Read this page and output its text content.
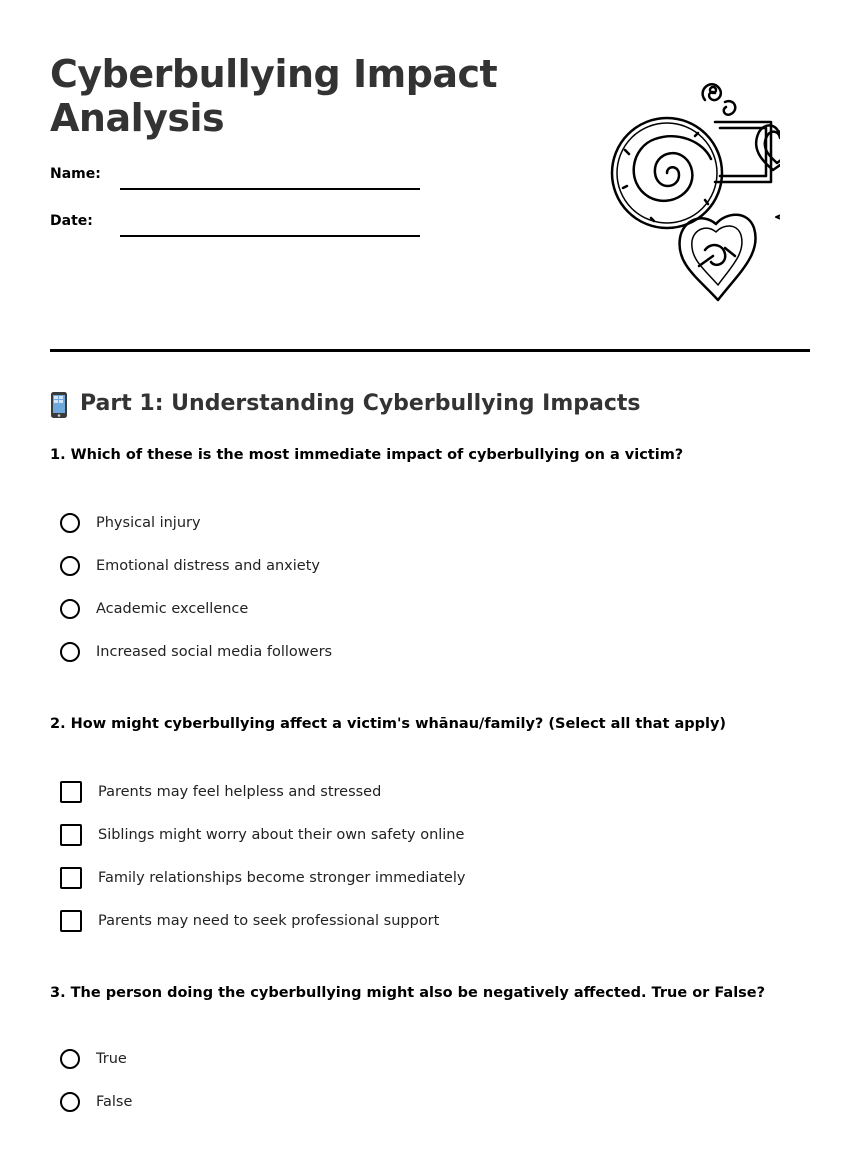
Cyberbullying Impact Analysis
Name:
Date:
Part 1: Understanding Cyberbullying Impacts

1. Which of these is the most immediate impact of cyberbullying on a victim?

Physical injury
Emotional distress and anxiety
Academic excellence
Increased social media followers

2. How might cyberbullying affect a victim's whānau/family? (Select all that apply)

Parents may feel helpless and stressed
Siblings might worry about their own safety online
Family relationships become stronger immediately
Parents may need to seek professional support

3. The person doing the cyberbullying might also be negatively affected. True or False?

True
False
